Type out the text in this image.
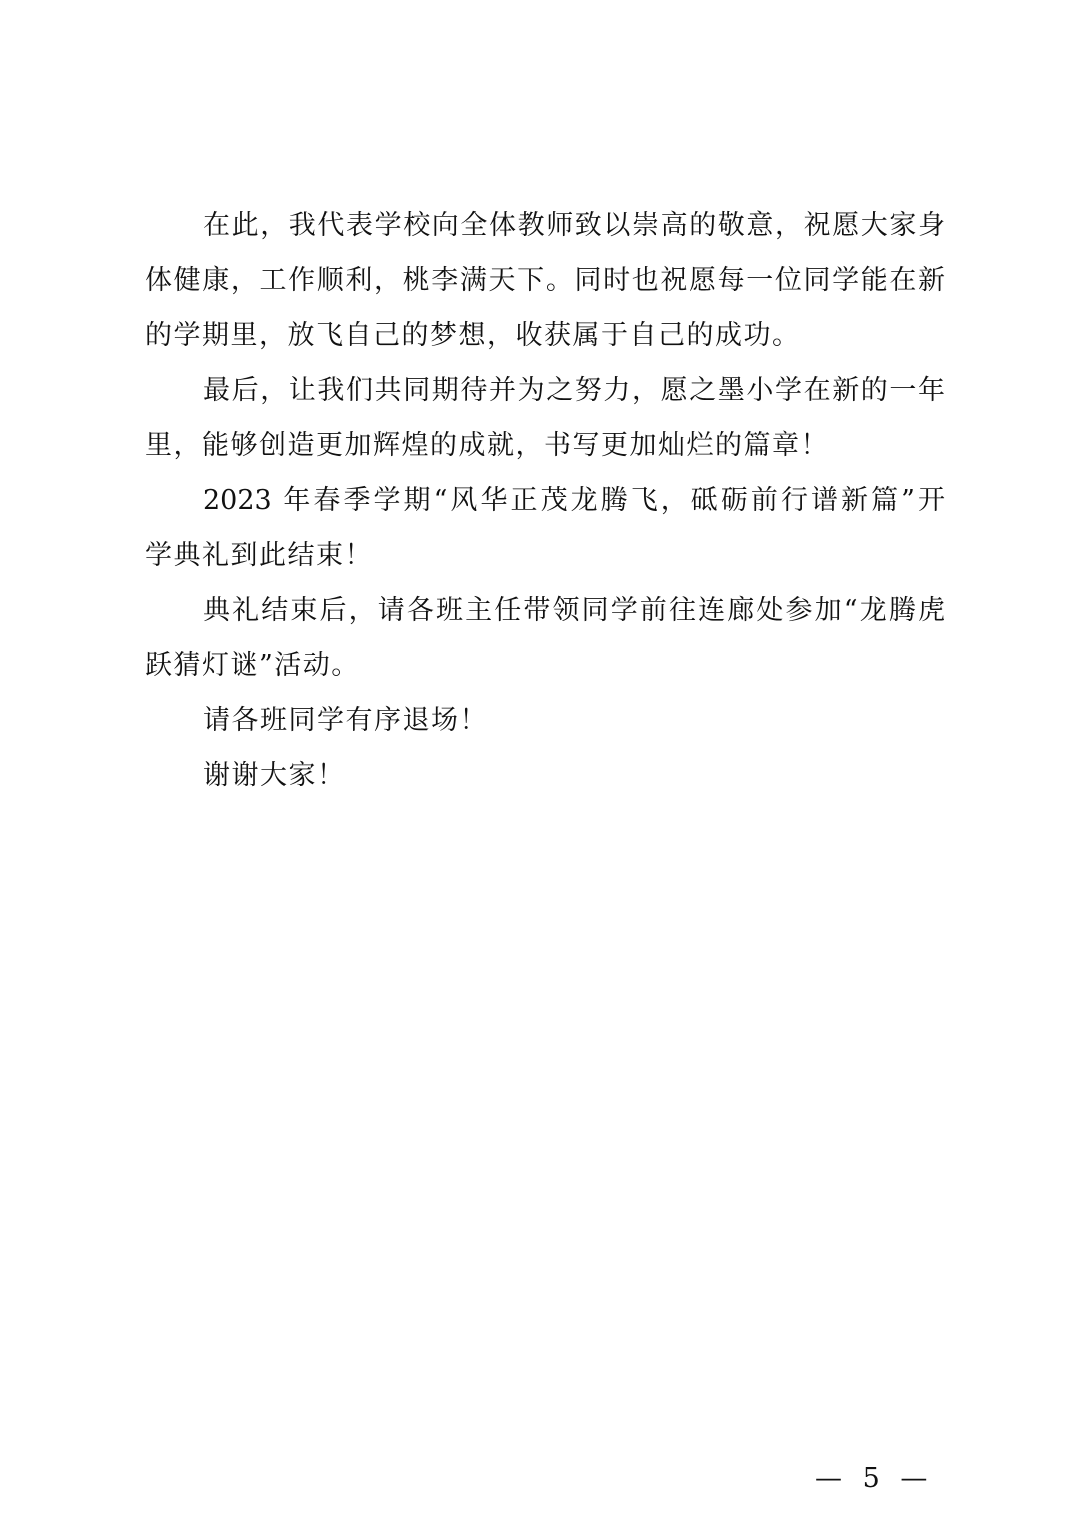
在此，我代表学校向全体教师致以崇高的敬意，祝愿大家身
体健康，工作顺利，桃李满天下。同时也祝愿每一位同学能在新
的学期里，放飞自己的梦想，收获属于自己的成功。
最后，让我们共同期待并为之努力，愿之墨小学在新的一年
里，能够创造更加辉煌的成就，书写更加灿烂的篇章！
2023 年春季学期“风华正茂龙腾飞，砥砺前行谱新篇”开
学典礼到此结束！
典礼结束后，请各班主任带领同学前往连廊处参加“龙腾虎
跃猜灯谜”活动。
请各班同学有序退场！
谢谢大家！
— 5 —
